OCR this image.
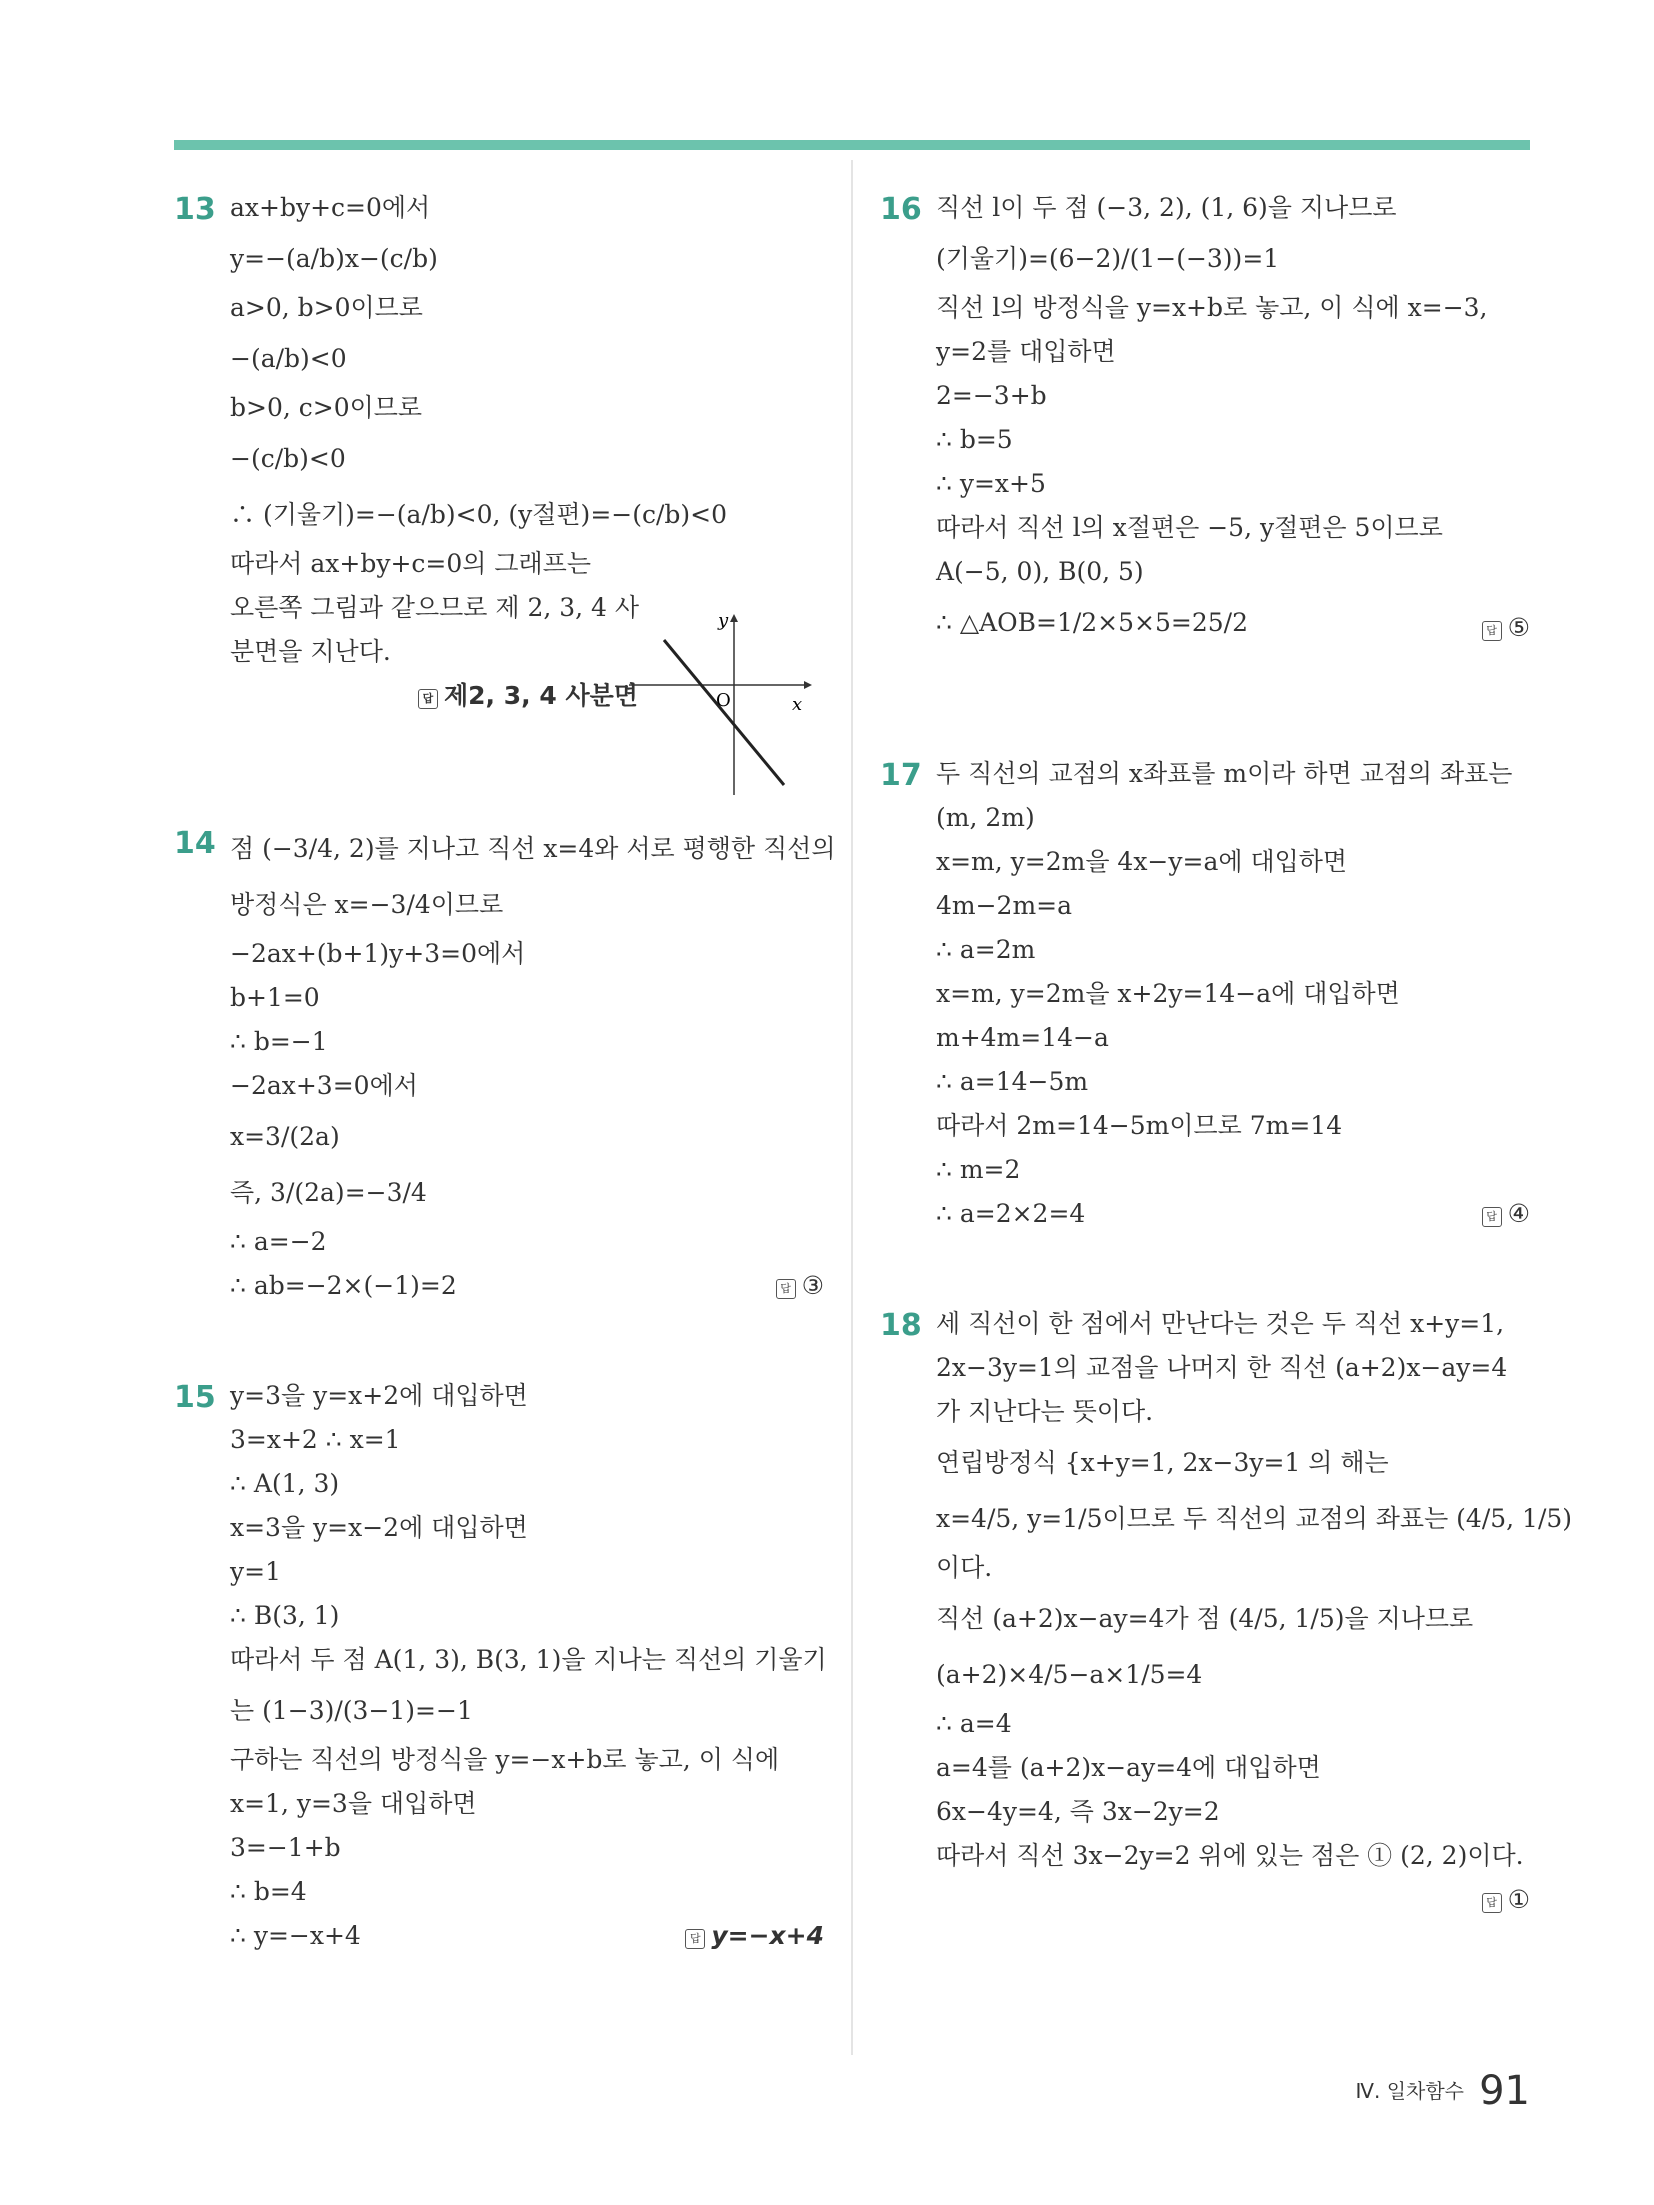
13 ax+by+c=0에서
y=−(a/b)x−(c/b)
a>0, b>0이므로
−(a/b)<0
b>0, c>0이므로
−(c/b)<0
∴ (기울기)=−(a/b)<0, (y절편)=−(c/b)<0
따라서 ax+by+c=0의 그래프는
오른쪽 그림과 같으므로 제 2, 3, 4 사
분면을 지난다.
답 제2, 3, 4 사분면
y
O	x
14 점 (−3/4, 2)를 지나고 직선 x=4와 서로 평행한 직선의
방정식은 x=−3/4이므로
−2ax+(b+1)y+3=0에서
b+1=0
∴ b=−1
−2ax+3=0에서
x=3/(2a)
즉, 3/(2a)=−3/4
∴ a=−2
∴ ab=−2×(−1)=2	답 ③
15 y=3을 y=x+2에 대입하면
3=x+2 ∴ x=1
∴ A(1, 3)
x=3을 y=x−2에 대입하면
y=1
∴ B(3, 1)
따라서 두 점 A(1, 3), B(3, 1)을 지나는 직선의 기울기
는 (1−3)/(3−1)=−1
구하는 직선의 방정식을 y=−x+b로 놓고, 이 식에
x=1, y=3을 대입하면
3=−1+b
∴ b=4
∴ y=−x+4	답 y=−x+4
16 직선 l이 두 점 (−3, 2), (1, 6)을 지나므로
(기울기)=(6−2)/(1−(−3))=1
직선 l의 방정식을 y=x+b로 놓고, 이 식에 x=−3,
y=2를 대입하면
2=−3+b
∴ b=5
∴ y=x+5
따라서 직선 l의 x절편은 −5, y절편은 5이므로
A(−5, 0), B(0, 5)
∴ △AOB=1/2×5×5=25/2	답 ⑤
17 두 직선의 교점의 x좌표를 m이라 하면 교점의 좌표는
(m, 2m)
x=m, y=2m을 4x−y=a에 대입하면
4m−2m=a
∴ a=2m
x=m, y=2m을 x+2y=14−a에 대입하면
m+4m=14−a
∴ a=14−5m
따라서 2m=14−5m이므로 7m=14
∴ m=2
∴ a=2×2=4	답 ④
18 세 직선이 한 점에서 만난다는 것은 두 직선 x+y=1,
2x−3y=1의 교점을 나머지 한 직선 (a+2)x−ay=4
가 지난다는 뜻이다.
연립방정식 {x+y=1, 2x−3y=1 의 해는
x=4/5, y=1/5이므로 두 직선의 교점의 좌표는 (4/5, 1/5)
이다.
직선 (a+2)x−ay=4가 점 (4/5, 1/5)을 지나므로
(a+2)×4/5−a×1/5=4
∴ a=4
a=4를 (a+2)x−ay=4에 대입하면
6x−4y=4, 즉 3x−2y=2
따라서 직선 3x−2y=2 위에 있는 점은 ① (2, 2)이다.
답 ①
Ⅳ. 일차함수 91
